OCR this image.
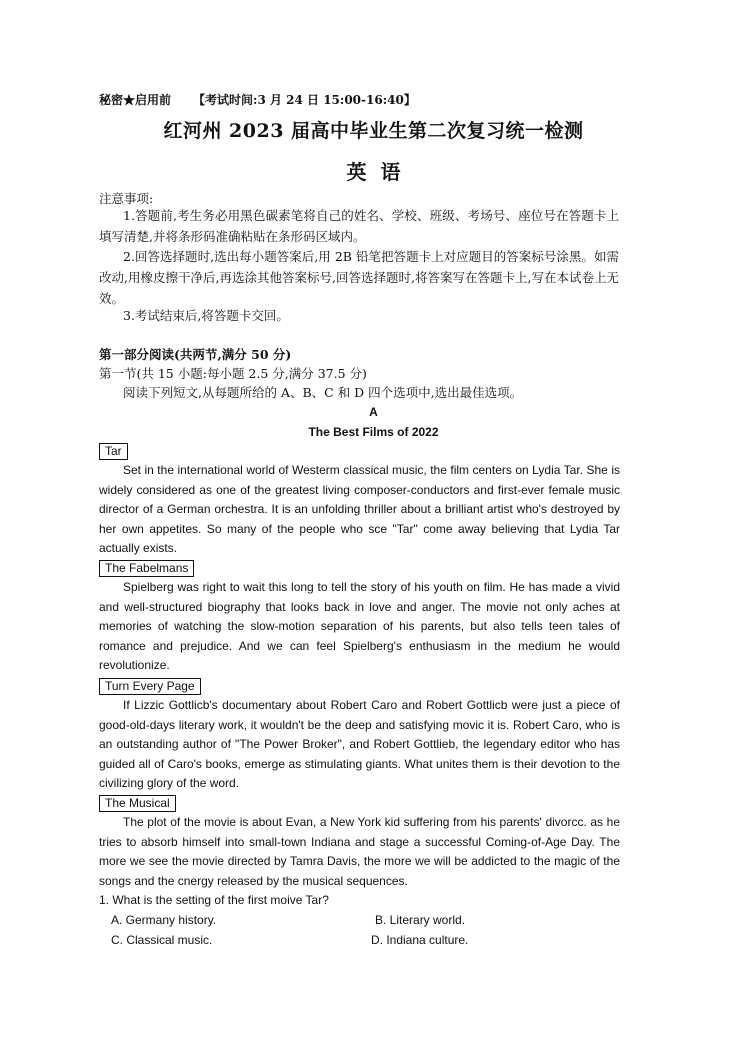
秘密★启用前 【考试时间:3 月 24 日 15:00-16:40】
红河州 2023 届高中毕业生第二次复习统一检测
英语
注意事项:
1.答题前,考生务必用黑色碳素笔将自己的姓名、学校、班级、考场号、座位号在答题卡上填写清楚,并将条形码准确粘贴在条形码区域内。
2.回答选择题时,选出每小题答案后,用 2B 铅笔把答题卡上对应题目的答案标号涂黑。如需改动,用橡皮擦干净后,再选涂其他答案标号,回答选择题时,将答案写在答题卡上,写在本试卷上无效。
3.考试结束后,将答题卡交回。
第一部分阅读(共两节,满分 50 分)
第一节(共 15 小题:每小题 2.5 分,满分 37.5 分)
阅读下列短文,从每题所给的 A、B、C 和 D 四个选项中,选出最佳选项。
A
The Best Films of 2022
Tar
Set in the international world of Westerm classical music, the film centers on Lydia Tar. She is widely considered as one of the greatest living composer-conductors and first-ever female music director of a German orchestra. It is an unfolding thriller about a brilliant artist who's destroyed by her own appetites. So many of the people who sce "Tar" come away believing that Lydia Tar actually exists.
The Fabelmans
Spielberg was right to wait this long to tell the story of his youth on film. He has made a vivid and well-structured biography that looks back in love and anger. The movie not only aches at memories of watching the slow-motion separation of his parents, but also tells teen tales of romance and prejudice. And we can feel Spielberg's enthusiasm in the medium he would revolutionize.
Turn Every Page
If Lizzic Gottlicb's documentary about Robert Caro and Robert Gottlicb were just a piece of good-old-days literary work, it wouldn't be the deep and satisfying movic it is. Robert Caro, who is an outstanding author of "The Power Broker", and Robert Gottlieb, the legendary editor who has guided all of Caro's books, emerge as stimulating giants. What unites them is their devotion to the civilizing glory of the word.
The Musical
The plot of the movie is about Evan, a New York kid suffering from his parents' divorcc. as he tries to absorb himself into small-town Indiana and stage a successful Coming-of-Age Day. The more we see the movie directed by Tamra Davis, the more we will be addicted to the magic of the songs and the cnergy released by the musical sequences.
1. What is the setting of the first moive Tar?
A. Germany history.	B. Literary world.
C. Classical music.	D. Indiana culture.
